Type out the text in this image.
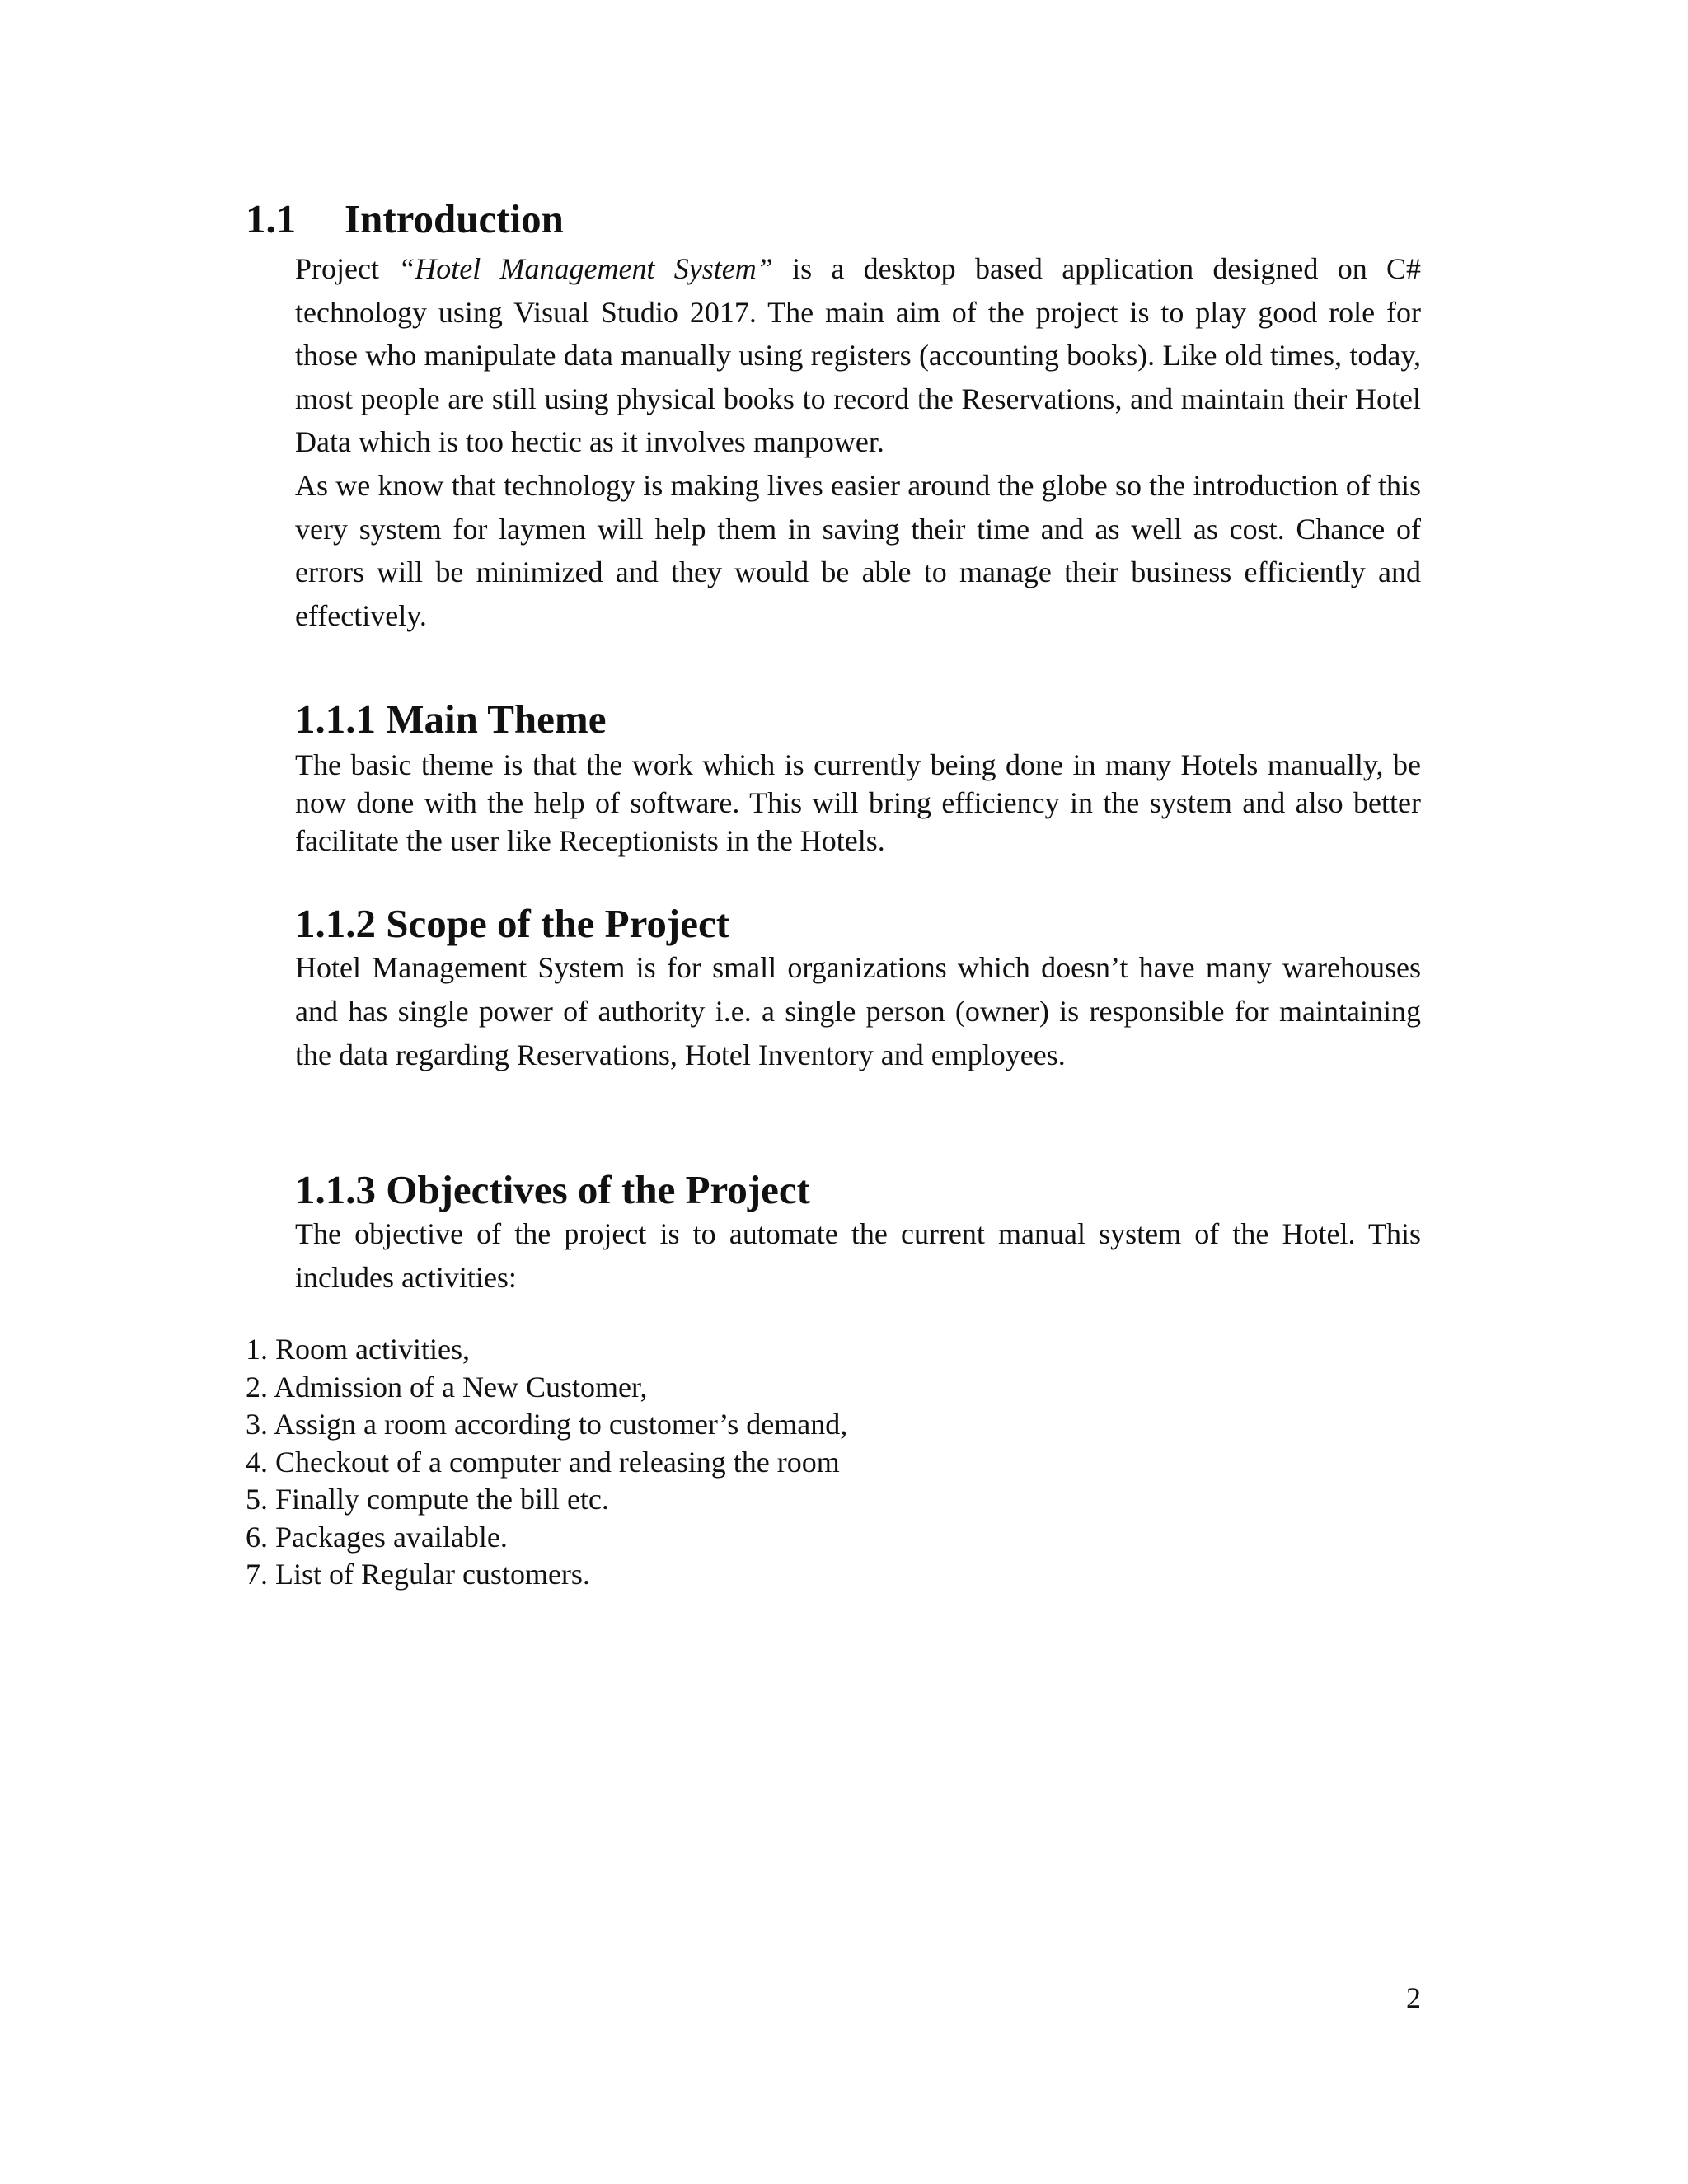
1.1 Introduction

Project “Hotel Management System” is a desktop based application designed on C# technology using Visual Studio 2017. The main aim of the project is to play good role for those who manipulate data manually using registers (accounting books). Like old times, today, most people are still using physical books to record the Reservations, and maintain their Hotel Data which is too hectic as it involves manpower.

As we know that technology is making lives easier around the globe so the introduction of this very system for laymen will help them in saving their time and as well as cost. Chance of errors will be minimized and they would be able to manage their business efficiently and effectively.

1.1.1 Main Theme

The basic theme is that the work which is currently being done in many Hotels manually, be now done with the help of software. This will bring efficiency in the system and also better facilitate the user like Receptionists in the Hotels.

1.1.2 Scope of the Project

Hotel Management System is for small organizations which doesn’t have many warehouses and has single power of authority i.e. a single person (owner) is responsible for maintaining the data regarding Reservations, Hotel Inventory and employees.

1.1.3 Objectives of the Project

The objective of the project is to automate the current manual system of the Hotel. This includes activities:

1. Room activities,
2. Admission of a New Customer,
3. Assign a room according to customer’s demand,
4. Checkout of a computer and releasing the room
5. Finally compute the bill etc.
6. Packages available.
7. List of Regular customers.
2
